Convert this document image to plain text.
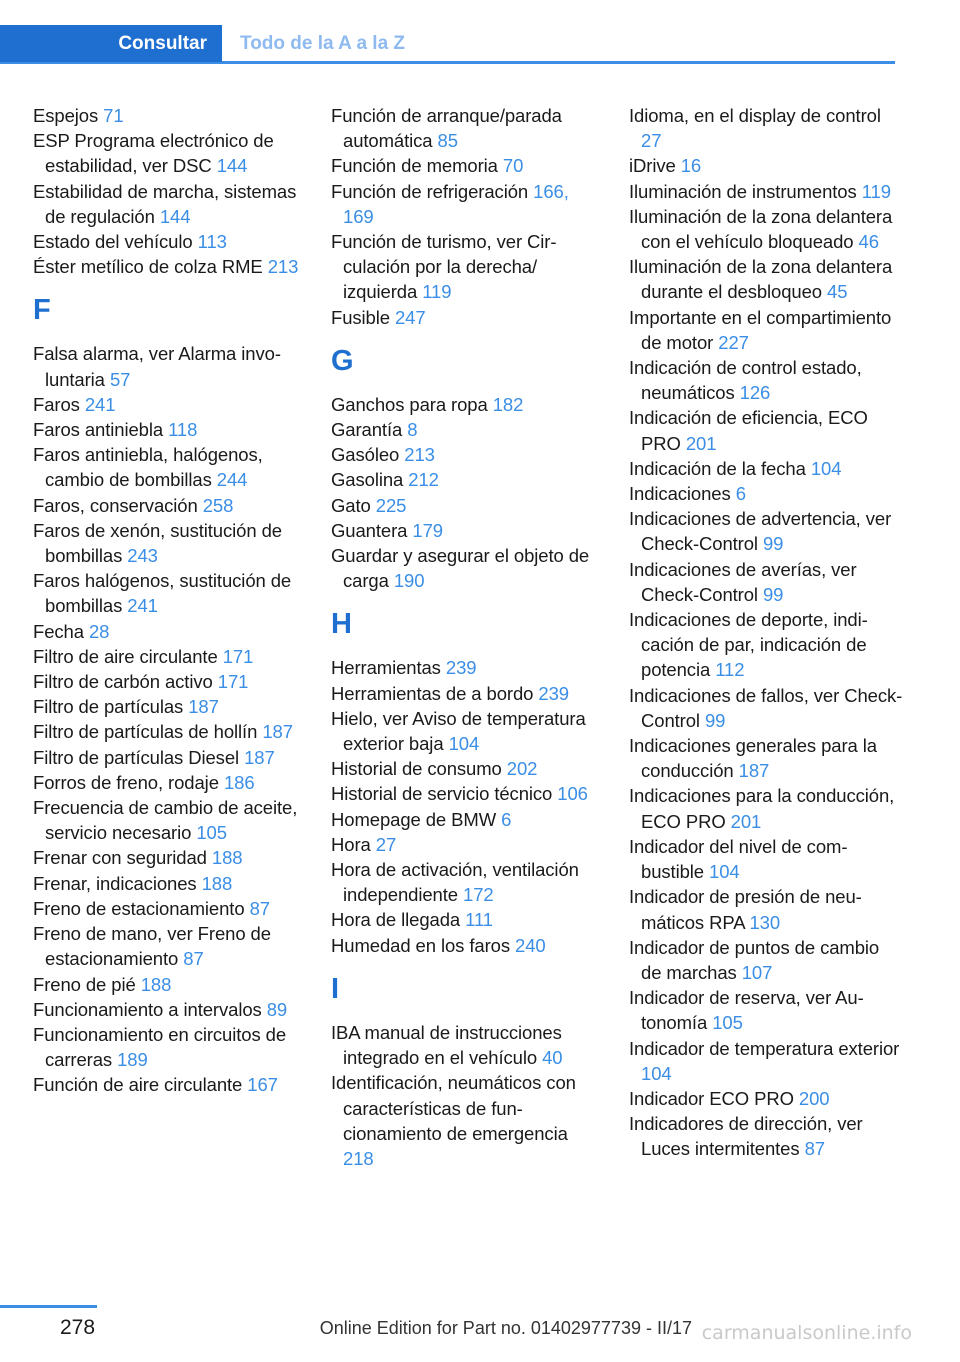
Consultar	Todo de la A a la Z
Espejos 71
ESP Programa electrónico de estabilidad, ver DSC 144
Estabilidad de marcha, sistemas de regulación 144
Estado del vehículo 113
Éster metílico de colza RME 213
F
Falsa alarma, ver Alarma involuntaria 57
Faros 241
Faros antiniebla 118
Faros antiniebla, halógenos, cambio de bombillas 244
Faros, conservación 258
Faros de xenón, sustitución de bombillas 243
Faros halógenos, sustitución de bombillas 241
Fecha 28
Filtro de aire circulante 171
Filtro de carbón activo 171
Filtro de partículas 187
Filtro de partículas de hollín 187
Filtro de partículas Diesel 187
Forros de freno, rodaje 186
Frecuencia de cambio de aceite, servicio necesario 105
Frenar con seguridad 188
Frenar, indicaciones 188
Freno de estacionamiento 87
Freno de mano, ver Freno de estacionamiento 87
Freno de pié 188
Funcionamiento a intervalos 89
Funcionamiento en circuitos de carreras 189
Función de aire circulante 167
Función de arranque/parada automática 85
Función de memoria 70
Función de refrigeración 166, 169
Función de turismo, ver Circulación por la derecha/ izquierda 119
Fusible 247
G
Ganchos para ropa 182
Garantía 8
Gasóleo 213
Gasolina 212
Gato 225
Guantera 179
Guardar y asegurar el objeto de carga 190
H
Herramientas 239
Herramientas de a bordo 239
Hielo, ver Aviso de temperatura exterior baja 104
Historial de consumo 202
Historial de servicio técnico 106
Homepage de BMW 6
Hora 27
Hora de activación, ventilación independiente 172
Hora de llegada 111
Humedad en los faros 240
I
IBA manual de instrucciones integrado en el vehículo 40
Identificación, neumáticos con características de funcionamiento de emergencia 218
Idioma, en el display de control 27
iDrive 16
Iluminación de instrumentos 119
Iluminación de la zona delantera con el vehículo bloqueado 46
Iluminación de la zona delantera durante el desbloqueo 45
Importante en el compartimiento de motor 227
Indicación de control estado, neumáticos 126
Indicación de eficiencia, ECO PRO 201
Indicación de la fecha 104
Indicaciones 6
Indicaciones de advertencia, ver Check-Control 99
Indicaciones de averías, ver Check-Control 99
Indicaciones de deporte, indicación de par, indicación de potencia 112
Indicaciones de fallos, ver Check-Control 99
Indicaciones generales para la conducción 187
Indicaciones para la conducción, ECO PRO 201
Indicador del nivel de combustible 104
Indicador de presión de neumáticos RPA 130
Indicador de puntos de cambio de marchas 107
Indicador de reserva, ver Autonomía 105
Indicador de temperatura exterior 104
Indicador ECO PRO 200
Indicadores de dirección, ver Luces intermitentes 87
278	Online Edition for Part no. 01402977739 - II/17 carmanualsonline.info
